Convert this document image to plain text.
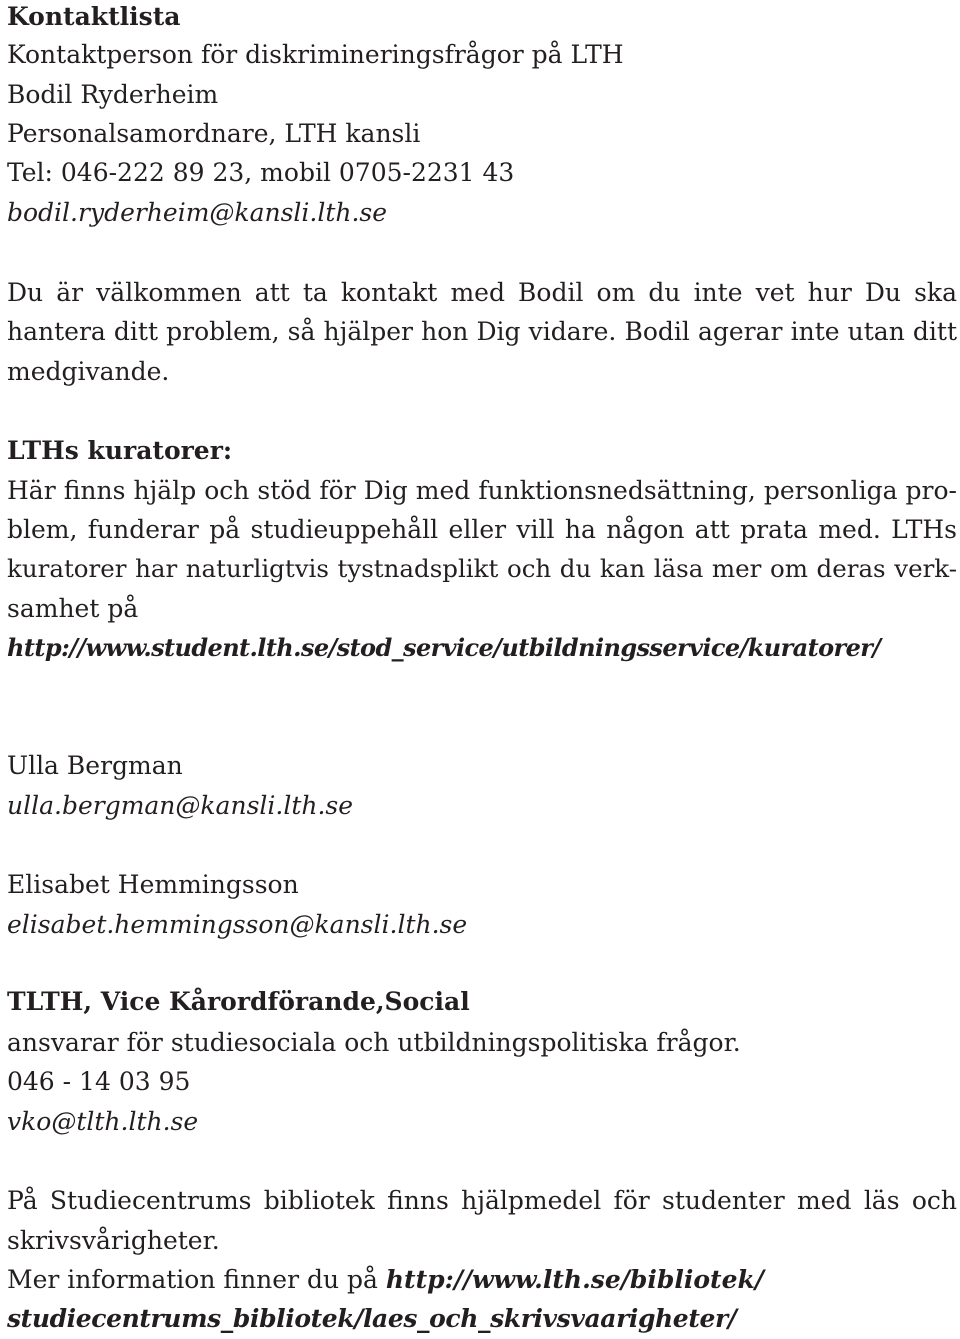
Kontaktlista
Kontaktperson för diskrimineringsfrågor på LTH
Bodil Ryderheim
Personalsamordnare, LTH kansli
Tel: 046-222 89 23, mobil 0705-2231 43
bodil.ryderheim@kansli.lth.se
Du är välkommen att ta kontakt med Bodil om du inte vet hur Du ska
hantera ditt problem, så hjälper hon Dig vidare. Bodil agerar inte utan ditt
medgivande.
LTHs kuratorer:
Här finns hjälp och stöd för Dig med funktionsnedsättning, personliga pro-
blem, funderar på studieuppehåll eller vill ha någon att prata med. LTHs
kuratorer har naturligtvis tystnadsplikt och du kan läsa mer om deras verk-
samhet på
http://www.student.lth.se/stod_service/utbildningsservice/kuratorer/
Ulla Bergman
ulla.bergman@kansli.lth.se
Elisabet Hemmingsson
elisabet.hemmingsson@kansli.lth.se
TLTH, Vice Kårordförande,Social
ansvarar för studiesociala och utbildningspolitiska frågor.
046 - 14 03 95
vko@tlth.lth.se
På Studiecentrums bibliotek finns hjälpmedel för studenter med läs och
skrivsvårigheter.
Mer information finner du på http://www.lth.se/bibliotek/
studiecentrums_bibliotek/laes_och_skrivsvaarigheter/
